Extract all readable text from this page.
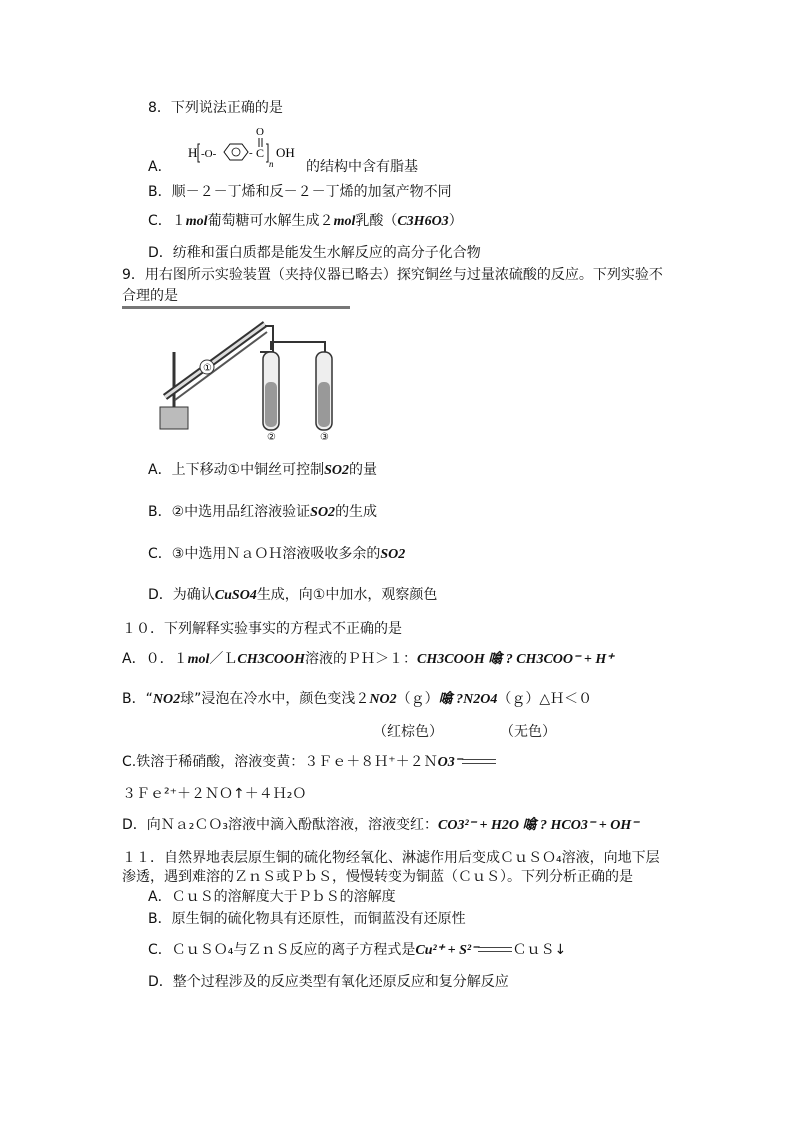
8．下列说法正确的是
A．
H -O-	- C
O
n
OH
的结构中含有脂基
B．顺－２－丁烯和反－２－丁烯的加氢产物不同
C．１mol葡萄糖可水解生成２mol乳酸（C3H6O3）
D．纺稚和蛋白质都是能发生水解反应的高分子化合物
9．用右图所示实验装置（夹持仪器已略去）探究铜丝与过量浓硫酸的反应。下列实验不
合理的是
①
②	③
A．上下移动①中铜丝可控制SO2的量
B．②中选用品红溶液验证SO2的生成
C．③中选用ＮａＯＨ溶液吸收多余的SO2
D．为确认CuSO4生成，向①中加水，观察颜色
１０．下列解释实验事实的方程式不正确的是
A．０．１mol／ＬCH3COOH溶液的ＰＨ＞１：CH3COOH 噏 ? CH3COO⁻ + H⁺
B．“NO2球”浸泡在冷水中，颜色变浅２NO2（ｇ）噏 ?N2O4（ｇ）△Ｈ＜０
（红棕色）	（无色）
C.铁溶于稀硝酸，溶液变黄：３Ｆｅ＋８Ｈ⁺＋２ＮO3⁻
３Ｆｅ²⁺＋２ＮＯ↑＋４Ｈ₂Ｏ
D．向Ｎａ₂ＣＯ₃溶液中滴入酚酞溶液，溶液变红：CO3²⁻ + H2O 噏 ? HCO3⁻ + OH⁻
１１．自然界地表层原生铜的硫化物经氧化、淋滤作用后变成ＣｕＳＯ₄溶液，向地下层
渗透，遇到难溶的ＺｎＳ或ＰｂＳ，慢慢转变为铜蓝（ＣｕＳ）。下列分析正确的是
A．ＣｕＳ的溶解度大于ＰｂＳ的溶解度
B．原生铜的硫化物具有还原性，而铜蓝没有还原性
C．ＣｕＳＯ₄与ＺｎＳ反应的离子方程式是Cu²⁺ + S²⁻ ＣｕＳ↓
D．整个过程涉及的反应类型有氧化还原反应和复分解反应
